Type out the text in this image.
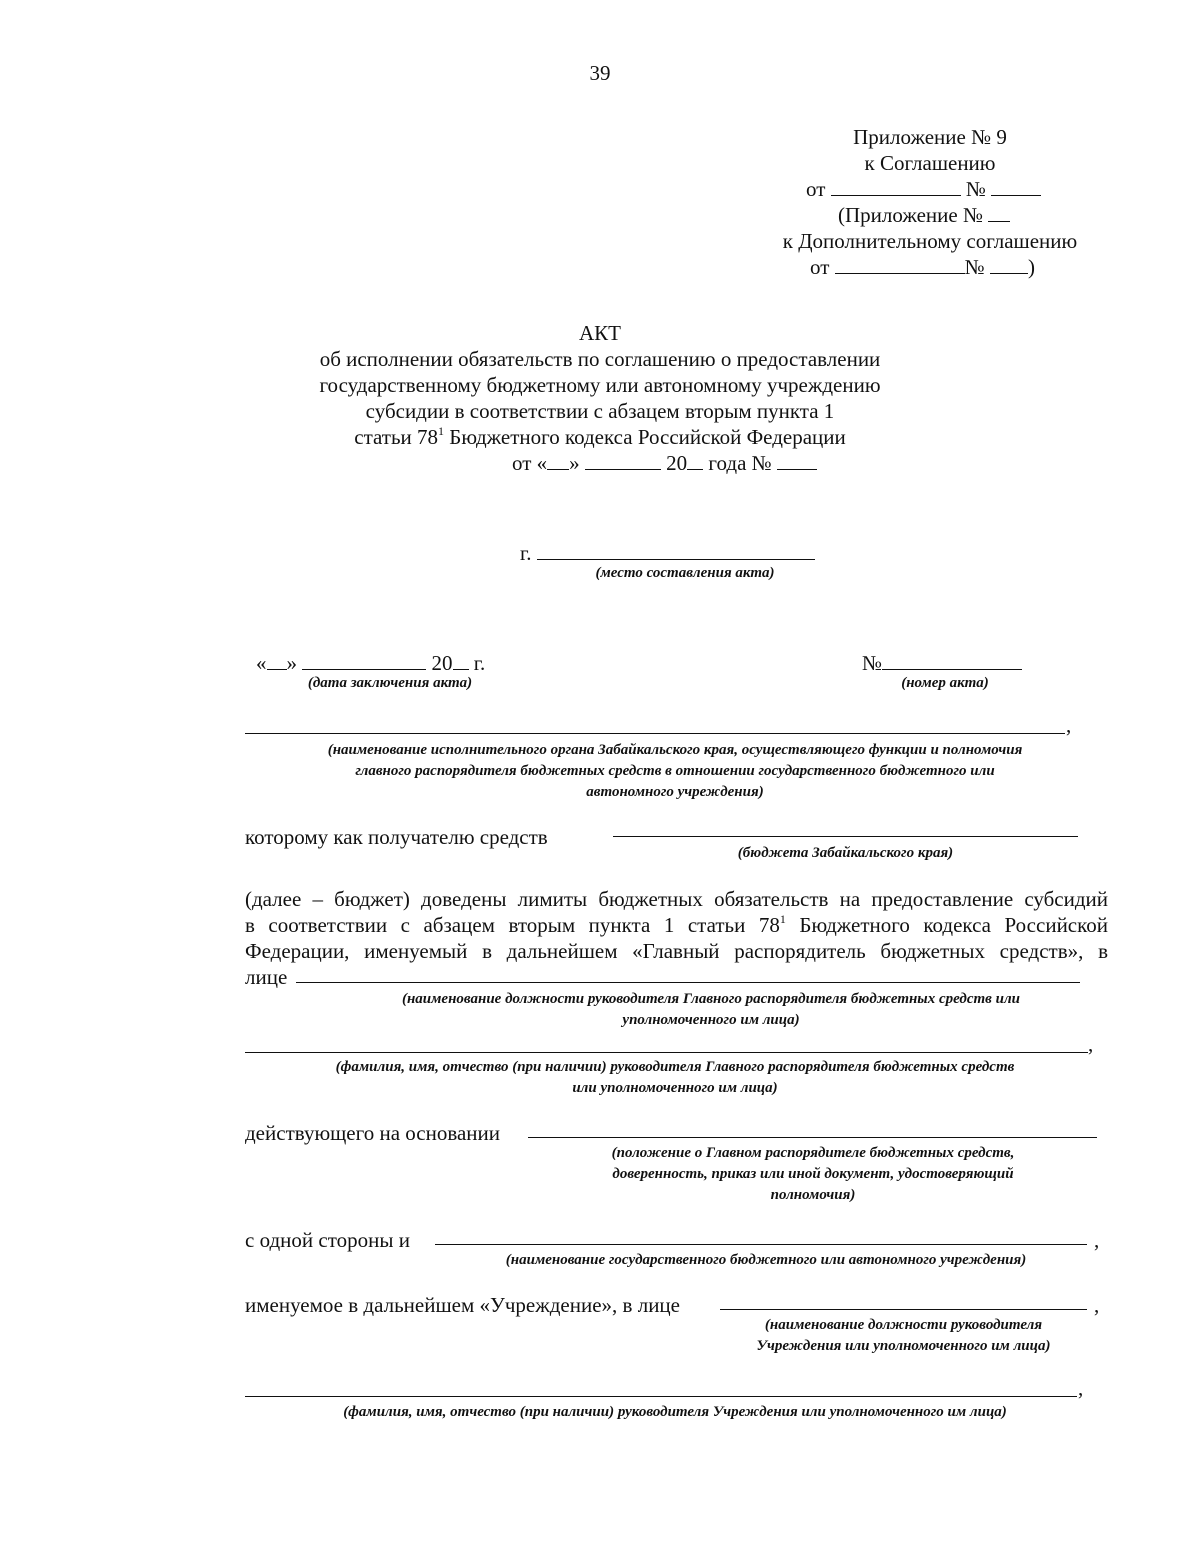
39
Приложение № 9
к Соглашению
от	№
(Приложение №
к Дополнительному соглашению
от	№ )
АКТ
об исполнении обязательств по соглашению о предоставлении
государственному бюджетному или автономному учреждению
субсидии в соответствии с абзацем вторым пункта 1
статьи $78^1$ Бюджетного кодекса Российской Федерации
от « »	20 года №
г.
(место составления акта)
« »	20 г.
(дата заключения акта)
№
(номер акта)
,
(наименование исполнительного органа Забайкальского края, осуществляющего функции и полномочия
главного распорядителя бюджетных средств в отношении государственного бюджетного или
автономного учреждения)
которому как получателю средств
(бюджета Забайкальского края)
(далее – бюджет) доведены лимиты бюджетных обязательств на предоставление субсидий
в соответствии с абзацем вторым пункта 1 статьи $78^1$ Бюджетного кодекса Российской
Федерации, именуемый в дальнейшем «Главный распорядитель бюджетных средств», в
лице
(наименование должности руководителя Главного распорядителя бюджетных средств или
уполномоченного им лица)
,
(фамилия, имя, отчество (при наличии) руководителя Главного распорядителя бюджетных средств
или уполномоченного им лица)
действующего на основании
(положение о Главном распорядителе бюджетных средств,
доверенность, приказ или иной документ, удостоверяющий
полномочия)
с одной стороны и	,
(наименование государственного бюджетного или автономного учреждения)
именуемое в дальнейшем «Учреждение», в лице	,
(наименование должности руководителя
Учреждения или уполномоченного им лица)
,
(фамилия, имя, отчество (при наличии) руководителя Учреждения или уполномоченного им лица)
